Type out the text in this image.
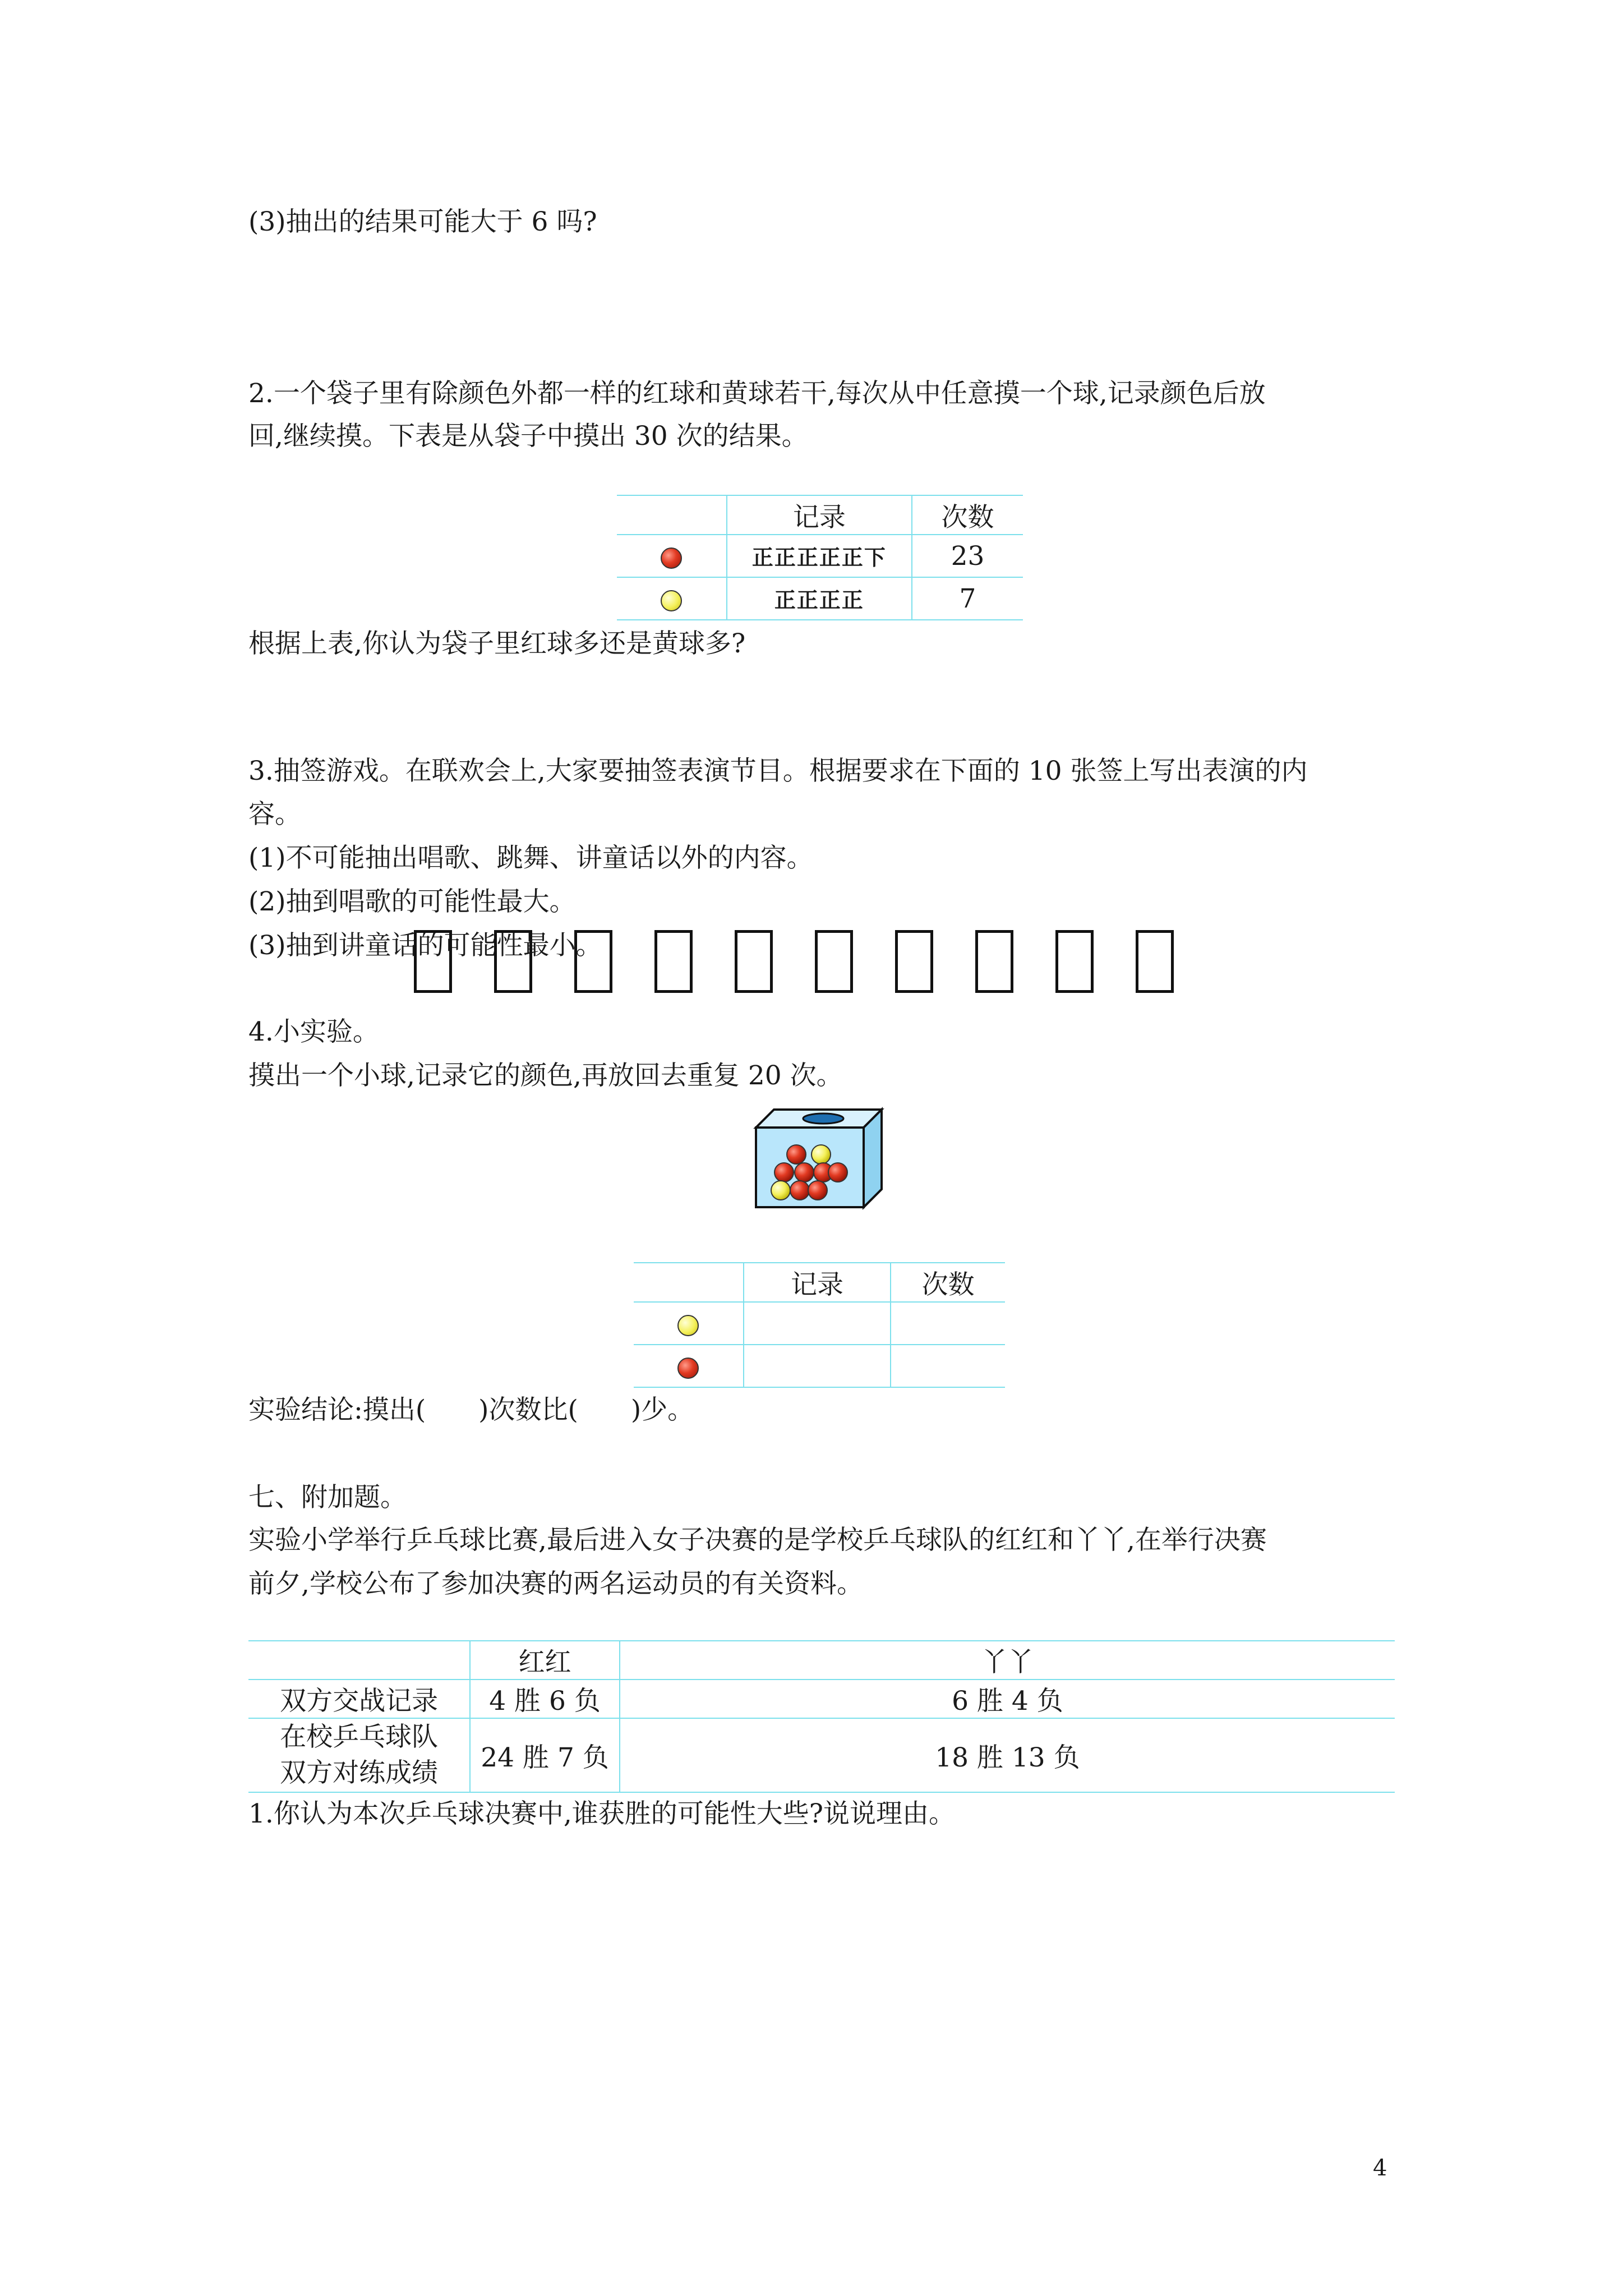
(3)抽出的结果可能大于 6 吗?
2.一个袋子里有除颜色外都一样的红球和黄球若干,每次从中任意摸一个球,记录颜色后放
回,继续摸。下表是从袋子中摸出 30 次的结果。
	记录	次数
	正正正正正下	23
	正正正正	7
根据上表,你认为袋子里红球多还是黄球多?
3.抽签游戏。在联欢会上,大家要抽签表演节目。根据要求在下面的 10 张签上写出表演的内
容。
(1)不可能抽出唱歌、跳舞、讲童话以外的内容。
(2)抽到唱歌的可能性最大。
(3)抽到讲童话的可能性最小。
4.小实验。
摸出一个小球,记录它的颜色,再放回去重复 20 次。
	记录	次数

实验结论:摸出(　　)次数比(　　)少。
七、附加题。
实验小学举行乒乓球比赛,最后进入女子决赛的是学校乒乓球队的红红和丫丫,在举行决赛
前夕,学校公布了参加决赛的两名运动员的有关资料。
	红红	丫丫
双方交战记录	4 胜 6 负	6 胜 4 负

在校乒乓球队
双方对练成绩	24 胜 7 负	18 胜 13 负
1.你认为本次乒乓球决赛中,谁获胜的可能性大些?说说理由。
4
